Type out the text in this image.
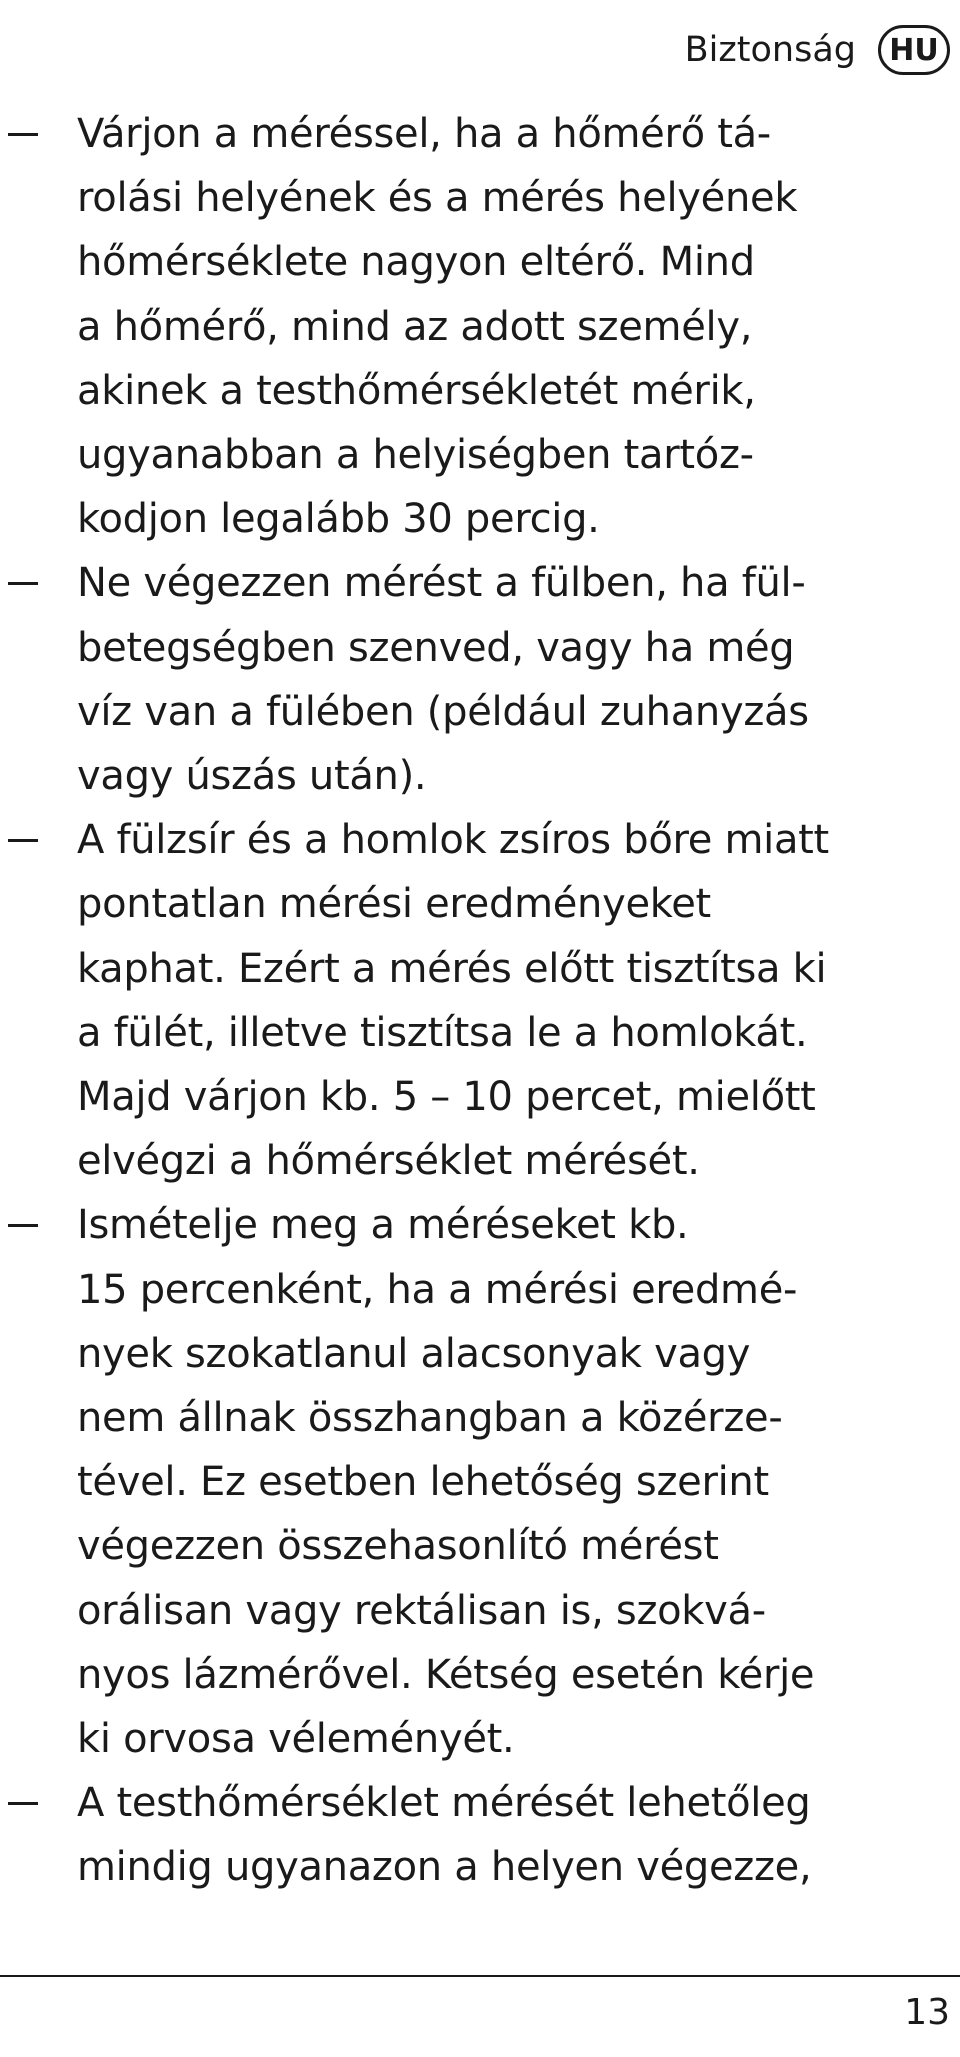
Biztonság	HU
Várjon a méréssel, ha a hőmérő tá-
rolási helyének és a mérés helyének
hőmérséklete nagyon eltérő. Mind
a hőmérő, mind az adott személy,
akinek a testhőmérsékletét mérik,
ugyanabban a helyiségben tartóz-
kodjon legalább 30 percig.
Ne végezzen mérést a fülben, ha fül-
betegségben szenved, vagy ha még
víz van a fülében (például zuhanyzás
vagy úszás után).
A fülzsír és a homlok zsíros bőre miatt
pontatlan mérési eredményeket
kaphat. Ezért a mérés előtt tisztítsa ki
a fülét, illetve tisztítsa le a homlokát.
Majd várjon kb. 5 – 10 percet, mielőtt
elvégzi a hőmérséklet mérését.
Ismételje meg a méréseket kb.
15 percenként, ha a mérési eredmé-
nyek szokatlanul alacsonyak vagy
nem állnak összhangban a közérze-
tével. Ez esetben lehetőség szerint
végezzen összehasonlító mérést
orálisan vagy rektálisan is, szokvá-
nyos lázmérővel. Kétség esetén kérje
ki orvosa véleményét.
A testhőmérséklet mérését lehetőleg
mindig ugyanazon a helyen végezze,
13
